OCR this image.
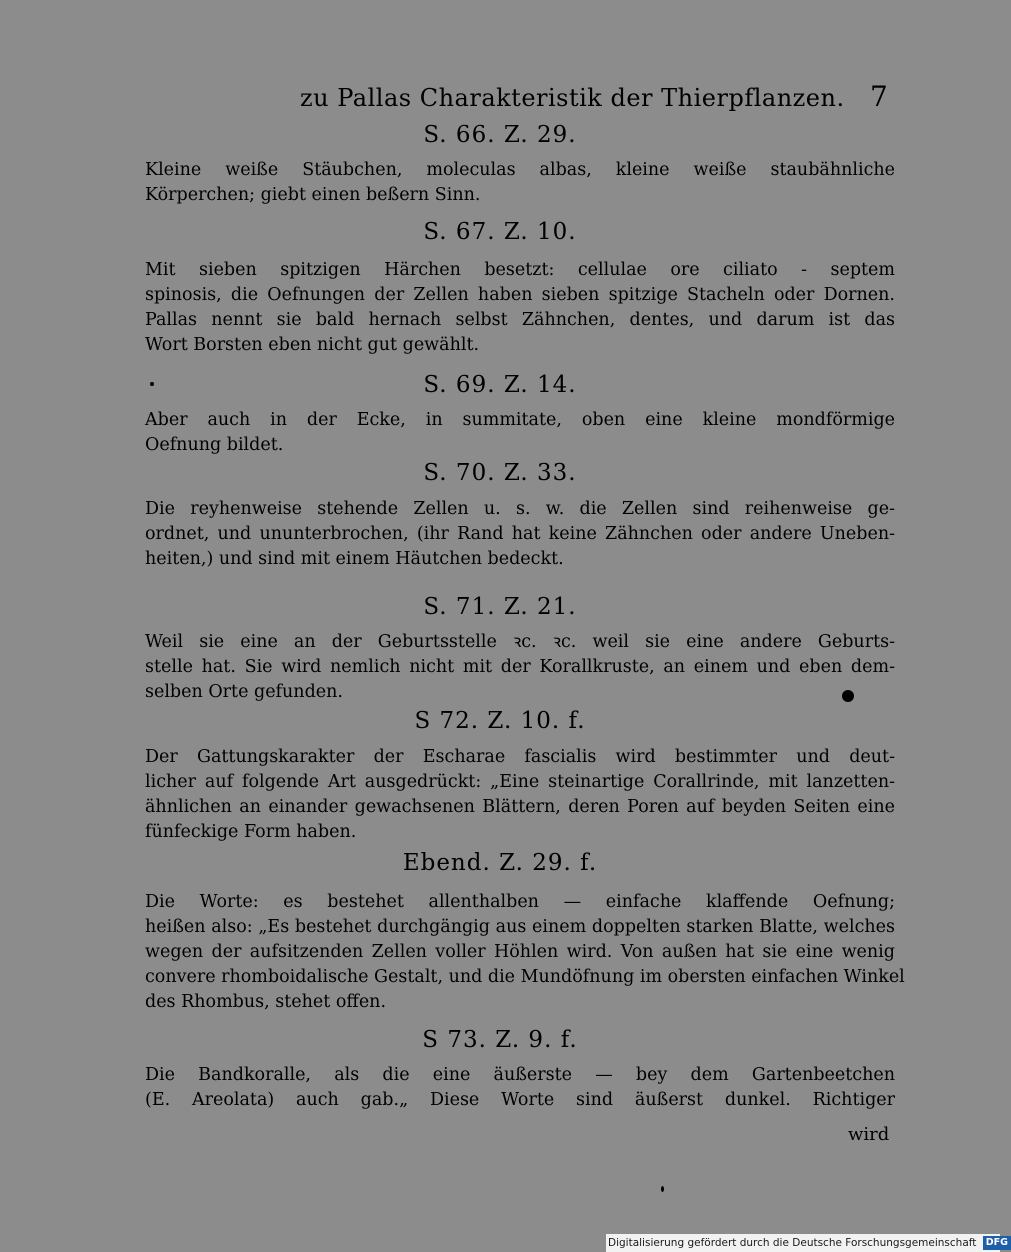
zu Pallas Charakteristik der Thierpflanzen. 7
S. 66. Z. 29.
Kleine weiße Stäubchen, moleculas albas, kleine weiße staubähnliche
Körperchen; giebt einen beßern Sinn.
S. 67. Z. 10.
Mit sieben spitzigen Härchen besetzt: cellulae ore ciliato - septem
spinosis, die Oefnungen der Zellen haben sieben spitzige Stacheln oder Dornen.
Pallas nennt sie bald hernach selbst Zähnchen, dentes, und darum ist das
Wort Borsten eben nicht gut gewählt.
S. 69. Z. 14.
Aber auch in der Ecke, in summitate, oben eine kleine mondförmige
Oefnung bildet.
S. 70. Z. 33.
Die reyhenweise stehende Zellen u. s. w. die Zellen sind reihenweise ge-
ordnet, und ununterbrochen, (ihr Rand hat keine Zähnchen oder andere Uneben-
heiten,) und sind mit einem Häutchen bedeckt.
S. 71. Z. 21.
Weil sie eine an der Geburtsstelle ꝛc. ꝛc. weil sie eine andere Geburts-
stelle hat. Sie wird nemlich nicht mit der Korallkruste, an einem und eben dem-
selben Orte gefunden.
S 72. Z. 10. f.
Der Gattungskarakter der Escharae fascialis wird bestimmter und deut-
licher auf folgende Art ausgedrückt: „Eine steinartige Corallrinde, mit lanzetten-
ähnlichen an einander gewachsenen Blättern, deren Poren auf beyden Seiten eine
fünfeckige Form haben.
Ebend. Z. 29. f.
Die Worte: es bestehet allenthalben — einfache klaffende Oefnung;
heißen also: „Es bestehet durchgängig aus einem doppelten starken Blatte, welches
wegen der aufsitzenden Zellen voller Höhlen wird. Von außen hat sie eine wenig
convere rhomboidalische Gestalt, und die Mundöfnung im obersten einfachen Winkel
des Rhombus, stehet offen.
S 73. Z. 9. f.
Die Bandkoralle, als die eine äußerste — bey dem Gartenbeetchen
(E. Areolata) auch gab.„ Diese Worte sind äußerst dunkel. Richtiger
wird
Digitalisierung gefördert durch die Deutsche Forschungsgemeinschaft DFG
